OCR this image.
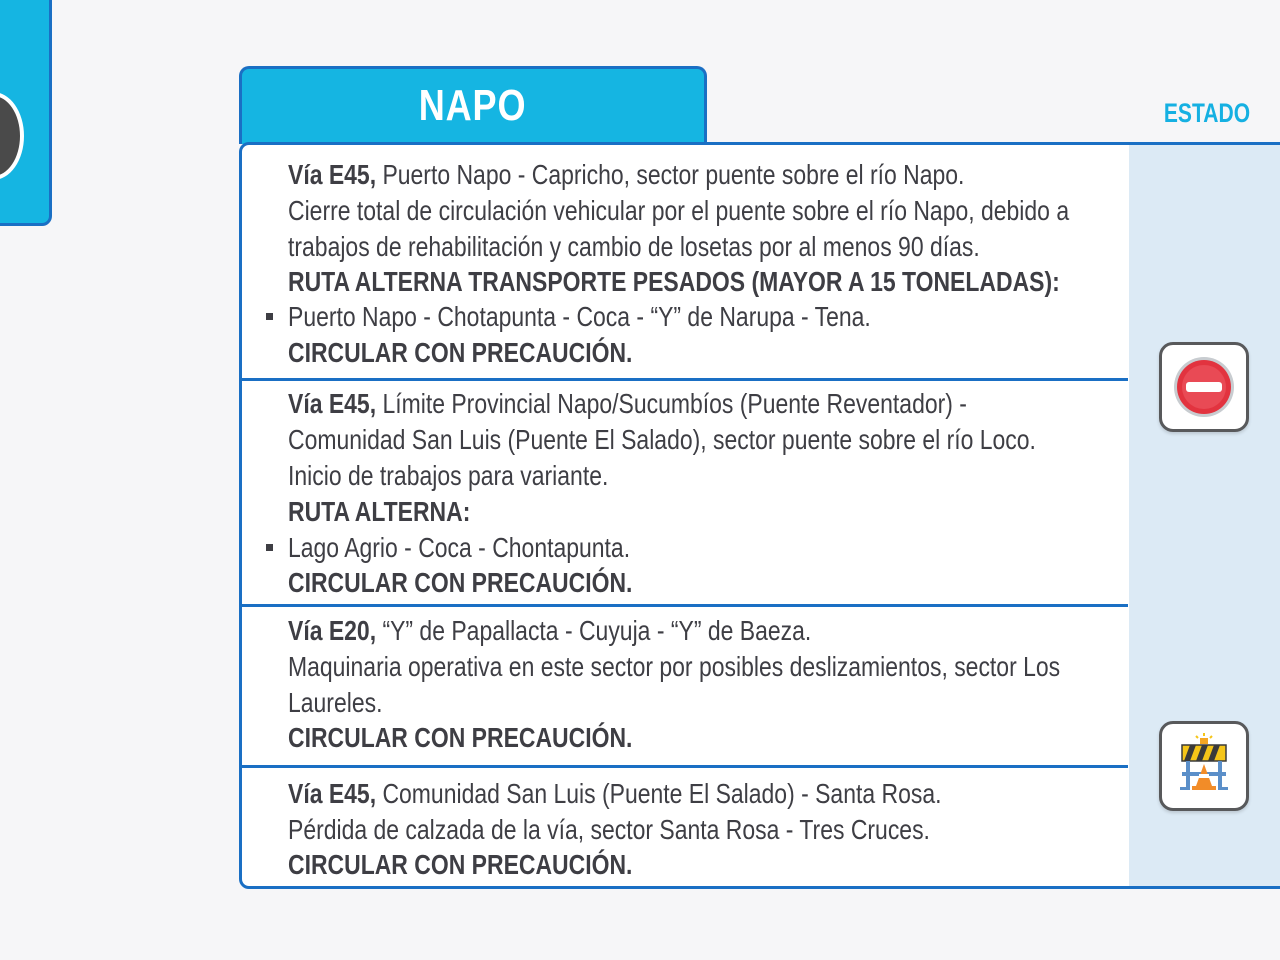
NAPO	ESTADO
Vía E45, Puerto Napo - Capricho, sector puente sobre el río Napo.
Cierre total de circulación vehicular por el puente sobre el río Napo, debido a
trabajos de rehabilitación y cambio de losetas por al menos 90 días.
RUTA ALTERNA TRANSPORTE PESADOS (MAYOR A 15 TONELADAS):
Puerto Napo - Chotapunta - Coca - “Y” de Narupa - Tena.
CIRCULAR CON PRECAUCIÓN.
Vía E45, Límite Provincial Napo/Sucumbíos (Puente Reventador) -
Comunidad San Luis (Puente El Salado), sector puente sobre el río Loco.
Inicio de trabajos para variante.
RUTA ALTERNA:
Lago Agrio - Coca - Chontapunta.
CIRCULAR CON PRECAUCIÓN.
Vía E20, “Y” de Papallacta - Cuyuja - “Y” de Baeza.
Maquinaria operativa en este sector por posibles deslizamientos, sector Los
Laureles.
CIRCULAR CON PRECAUCIÓN.
Vía E45, Comunidad San Luis (Puente El Salado) - Santa Rosa.
Pérdida de calzada de la vía, sector Santa Rosa - Tres Cruces.
CIRCULAR CON PRECAUCIÓN.
